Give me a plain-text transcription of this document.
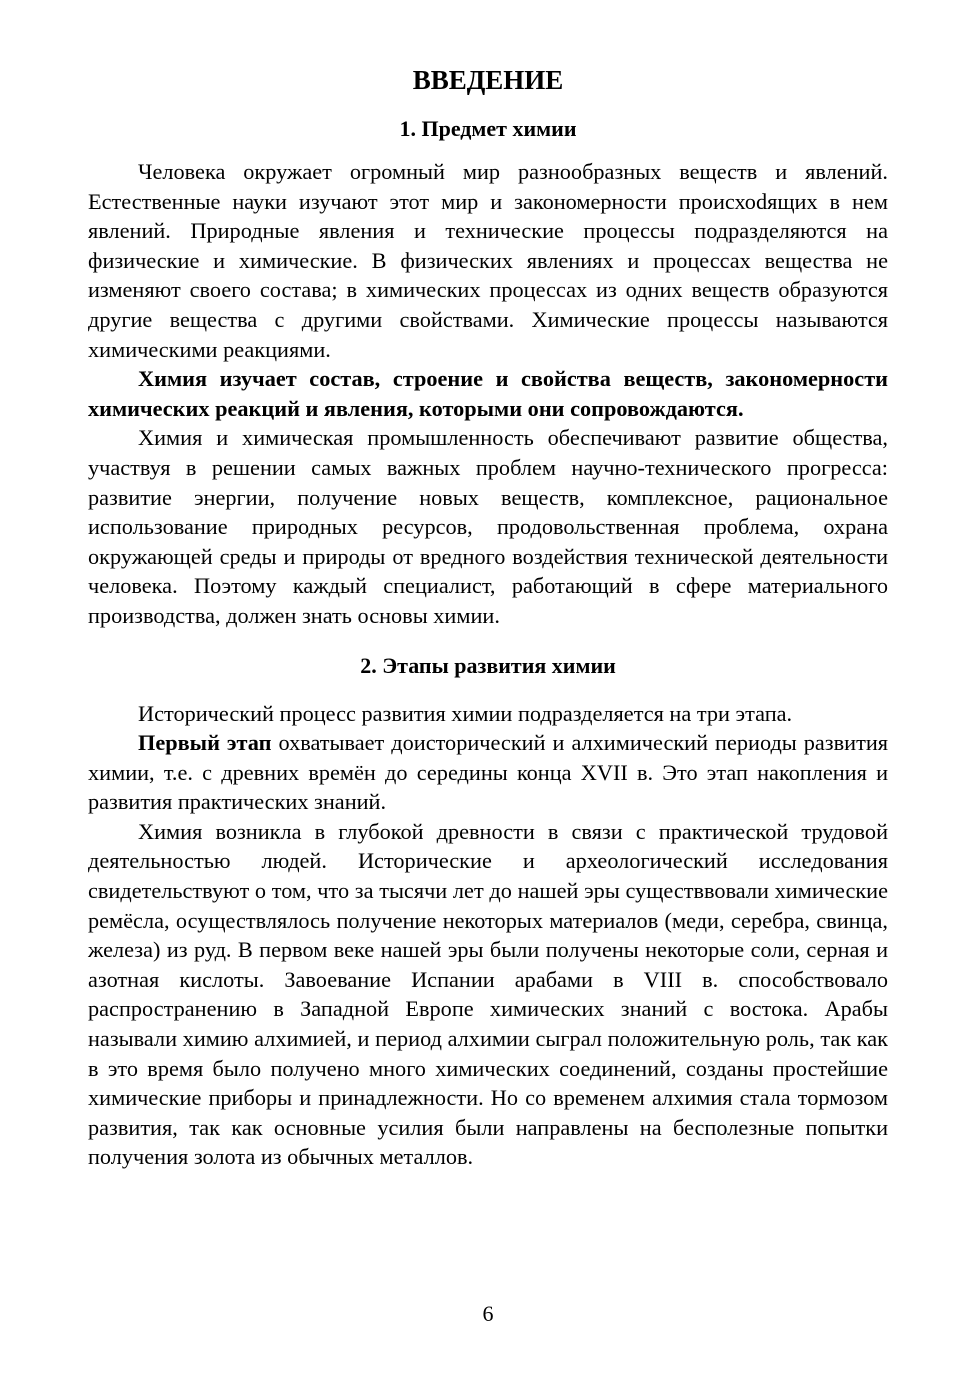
ВВЕДЕНИЕ
1. Предмет химии

Человека окружает огромный мир разнообразных веществ и явлений. Естественные науки изучают этот мир и закономерности происхоdящих в нем явлений. Природные явления и технические процессы подразделяются на физические и химические. В физических явлениях и процессах вещества не изменяют своего состава; в химических процессах из одних веществ образуются другие вещества с другими свойствами. Химические процессы называются химическими реакциями.

Химия изучает состав, строение и свойства веществ, закономерности химических реакций и явления, которыми они сопровождаются.

Химия и химическая промышленность обеспечивают развитие общества, участвуя в решении самых важных проблем научно-технического прогресса: развитие энергии, получение новых веществ, комплексное, рациональное использование природных ресурсов, продовольственная проблема, охрана окружающей среды и природы от вредного воздействия технической деятельности человека. Поэтому каждый специалист, работающий в сфере материального производства, должен знать основы химии.

2. Этапы развития химии

Исторический процесс развития химии подразделяется на три этапа.

Первый этап охватывает доисторический и алхимический периоды развития химии, т.е. с древних времён до середины конца XVII в. Это этап накопления и развития практических знаний.

Химия возникла в глубокой древности в связи с практической трудовой деятельностью людей. Исторические и археологический исследования свидетельствуют о том, что за тысячи лет до нашей эры существвовали химические ремёсла, осуществлялось получение некоторых материалов (меди, серебра, свинца, железа) из руд. В первом веке нашей эры были получены некоторые соли, серная и азотная кислоты. Завоевание Испании арабами в VIII в. способствовало распространению в Западной Европе химических знаний с востока. Арабы называли химию алхимией, и период алхимии сыграл положительную роль, так как в это время было получено много химических соединений, созданы простейшие химические приборы и принадлежности. Но со временем алхимия стала тормозом развития, так как основные усилия были направлены на бесполезные попытки получения золота из обычных металлов.

6
